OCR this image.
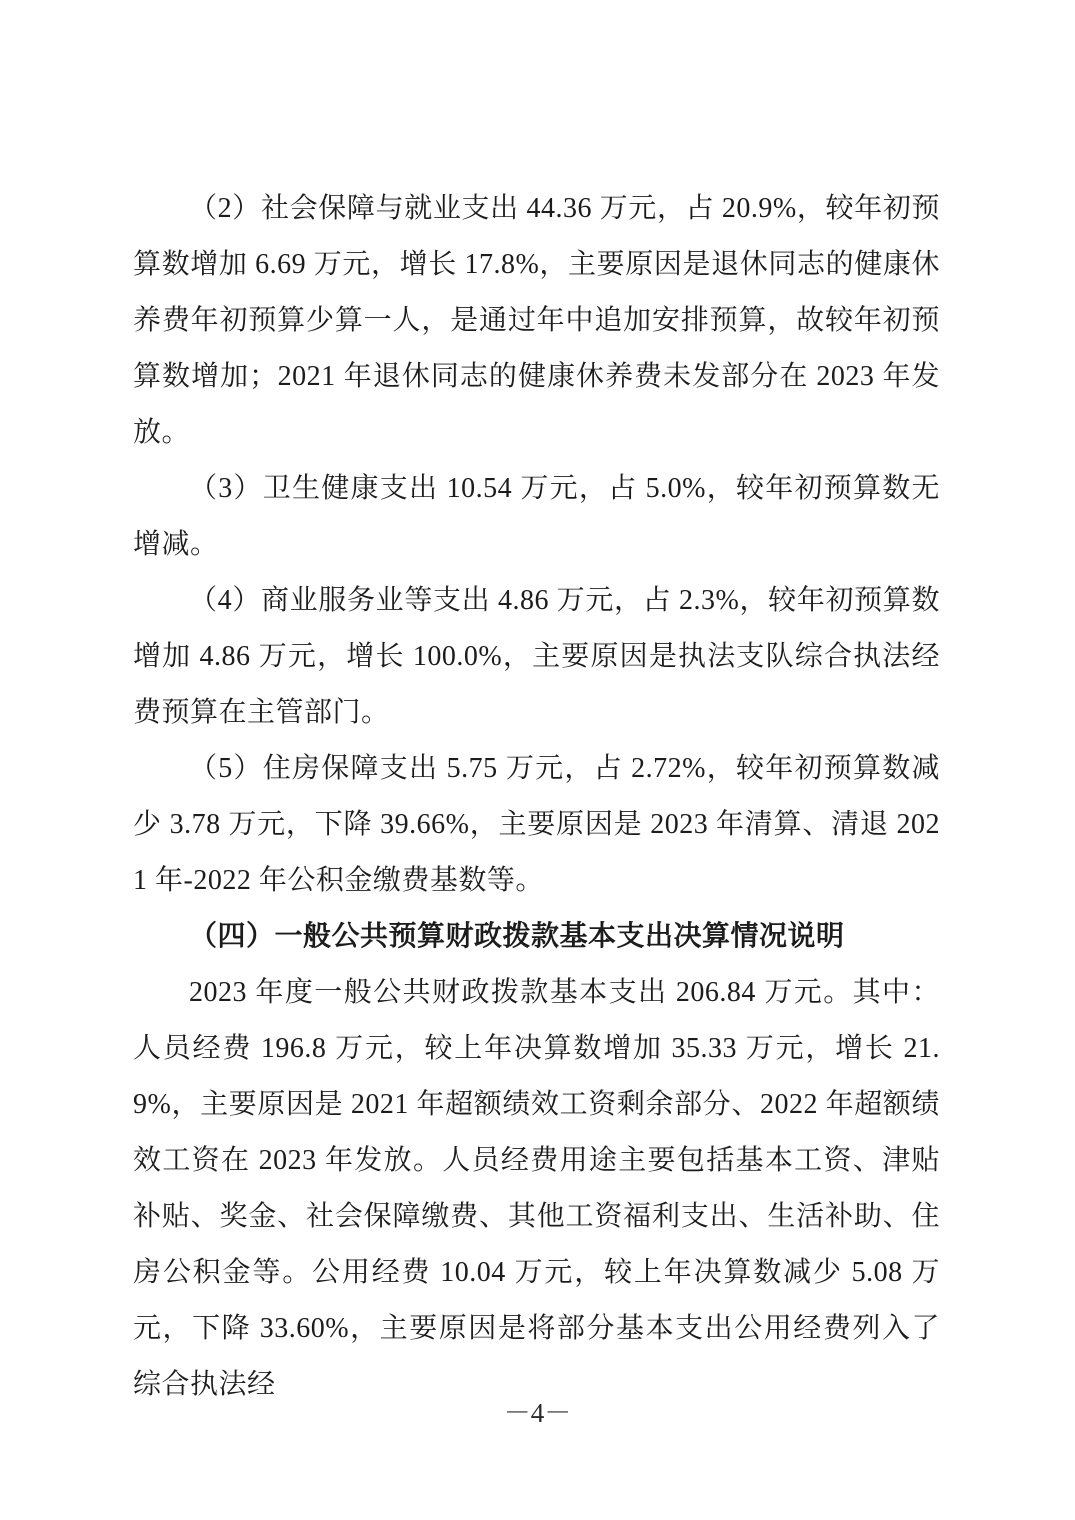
（2）社会保障与就业支出 44.36 万元，占 20.9%，较年初预算数增加 6.69 万元，增长 17.8%，主要原因是退休同志的健康休养费年初预算少算一人，是通过年中追加安排预算，故较年初预算数增加；2021 年退休同志的健康休养费未发部分在 2023 年发放。

（3）卫生健康支出 10.54 万元，占 5.0%，较年初预算数无增减。

（4）商业服务业等支出 4.86 万元，占 2.3%，较年初预算数增加 4.86 万元，增长 100.0%，主要原因是执法支队综合执法经费预算在主管部门。

（5）住房保障支出 5.75 万元，占 2.72%，较年初预算数减少 3.78 万元，下降 39.66%，主要原因是 2023 年清算、清退 2021 年-2022 年公积金缴费基数等。

（四）一般公共预算财政拨款基本支出决算情况说明

2023 年度一般公共财政拨款基本支出 206.84 万元。其中：人员经费 196.8 万元，较上年决算数增加 35.33 万元，增长 21.9%，主要原因是 2021 年超额绩效工资剩余部分、2022 年超额绩效工资在 2023 年发放。人员经费用途主要包括基本工资、津贴补贴、奖金、社会保障缴费、其他工资福利支出、生活补助、住房公积金等。公用经费 10.04 万元，较上年决算数减少 5.08 万元，下降 33.60%，主要原因是将部分基本支出公用经费列入了综合执法经

－4－
